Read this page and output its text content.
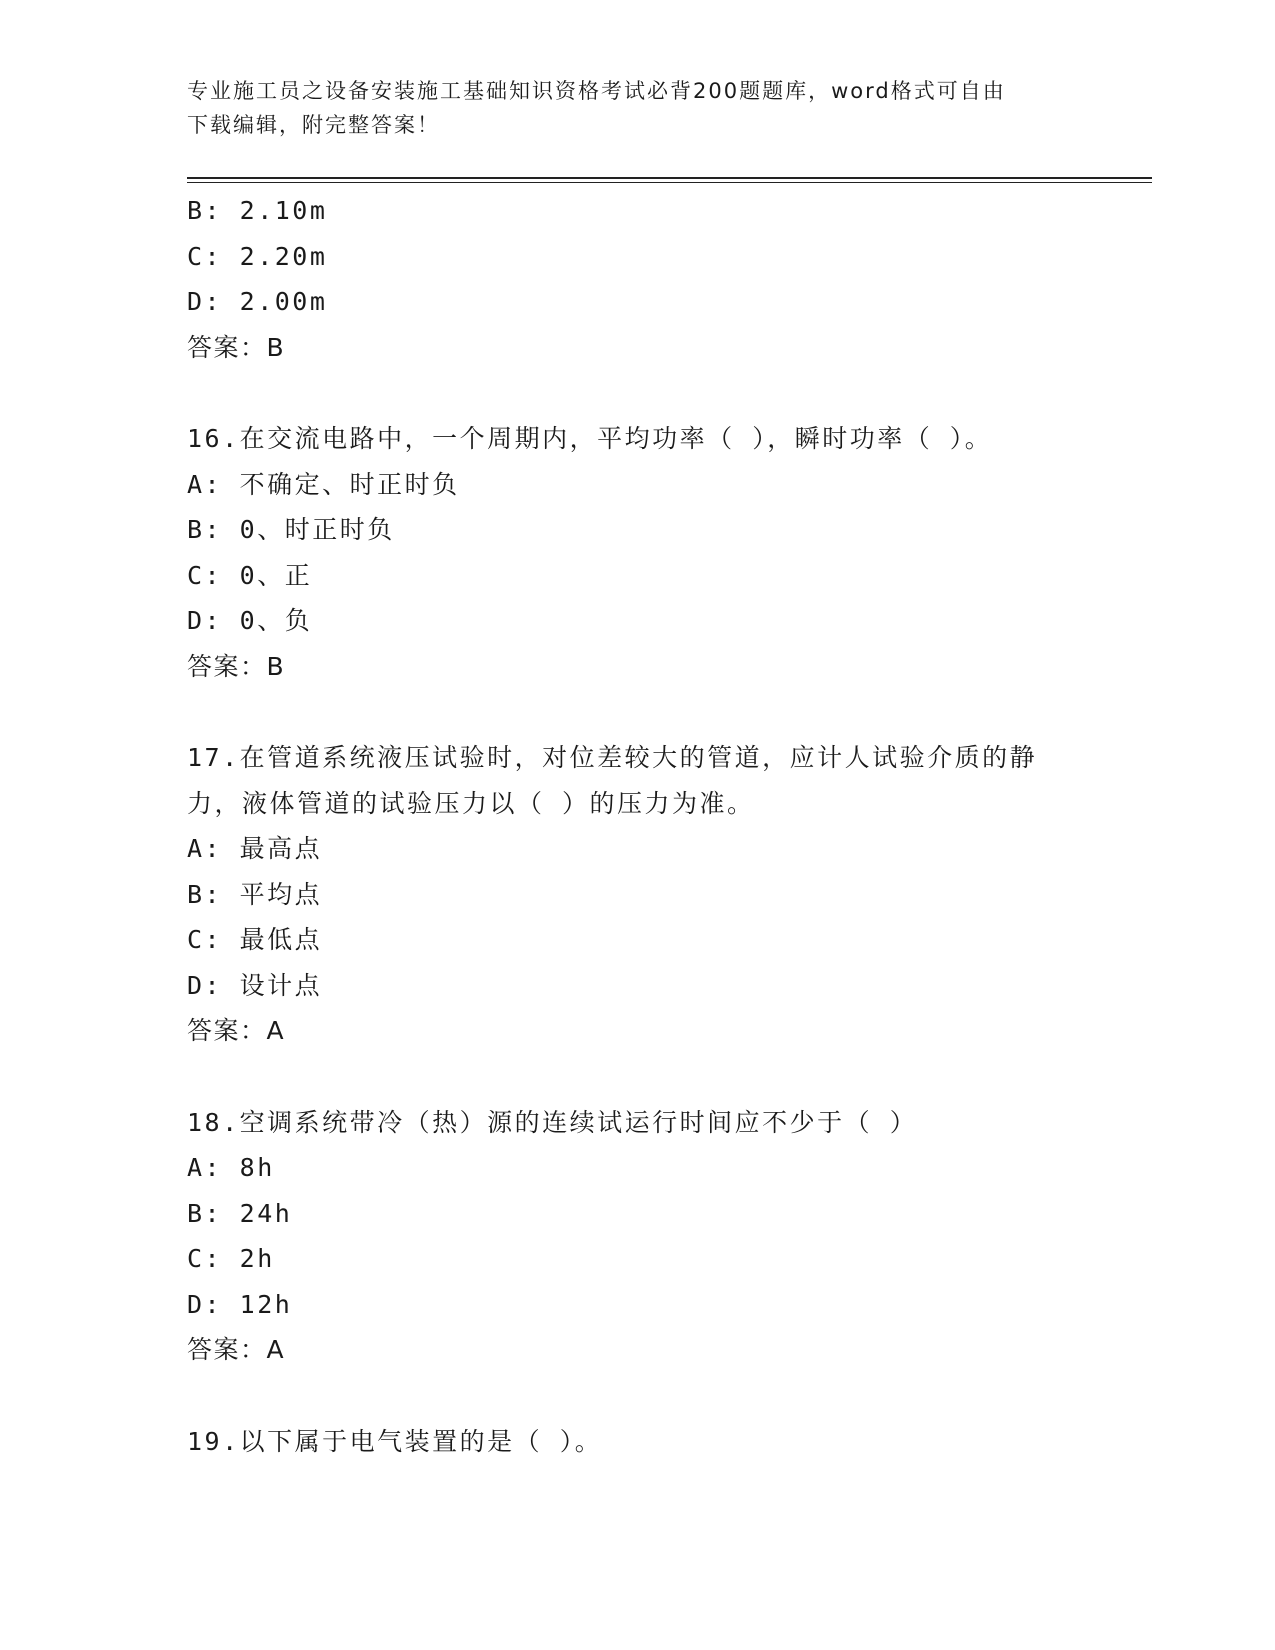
专业施工员之设备安装施工基础知识资格考试必背200题题库，word格式可自由
下载编辑，附完整答案！
B: 2.10m
C: 2.20m
D: 2.00m
答案：B
16.在交流电路中，一个周期内，平均功率（ ），瞬时功率（ ）。
A: 不确定、时正时负
B: 0、时正时负
C: 0、正
D: 0、负
答案：B
17.在管道系统液压试验时，对位差较大的管道，应计人试验介质的静
力，液体管道的试验压力以（ ）的压力为准。
A: 最高点
B: 平均点
C: 最低点
D: 设计点
答案：A
18.空调系统带冷（热）源的连续试运行时间应不少于（ ）
A: 8h
B: 24h
C: 2h
D: 12h
答案：A
19.以下属于电气装置的是（ ）。
